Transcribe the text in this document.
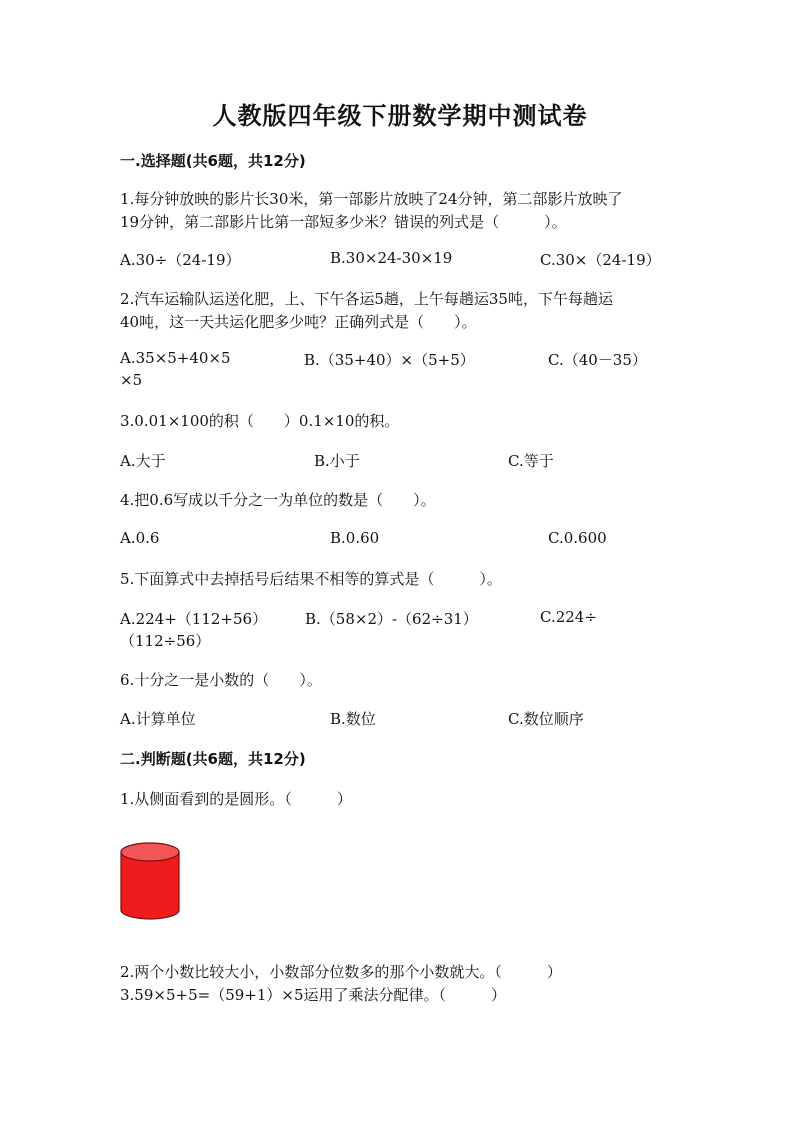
人教版四年级下册数学期中测试卷
一.选择题(共6题，共12分)
1.每分钟放映的影片长30米，第一部影片放映了24分钟，第二部影片放映了
19分钟，第二部影片比第一部短多少米？错误的列式是（　　　）。
A.30÷（24-19）	B.30×24-30×19	C.30×（24-19）
2.汽车运输队运送化肥，上、下午各运5趟，上午每趟运35吨，下午每趟运
40吨，这一天共运化肥多少吨？正确列式是（　　）。
A.35×5+40×5	B.（35+40）×（5+5）	C.（40－35）
×5
3.0.01×100的积（　　）0.1×10的积。
A.大于	B.小于	C.等于
4.把0.6写成以千分之一为单位的数是（　　）。
A.0.6	B.0.60	C.0.600
5.下面算式中去掉括号后结果不相等的算式是（　　　）。
A.224+（112+56）	B.（58×2）-（62÷31）	C.224÷
（112÷56）
6.十分之一是小数的（　　）。
A.计算单位	B.数位	C.数位顺序
二.判断题(共6题，共12分)
1.从侧面看到的是圆形。（　　　）
2.两个小数比较大小，小数部分位数多的那个小数就大。（　　　）
3.59×5+5=（59+1）×5运用了乘法分配律。（　　　）
